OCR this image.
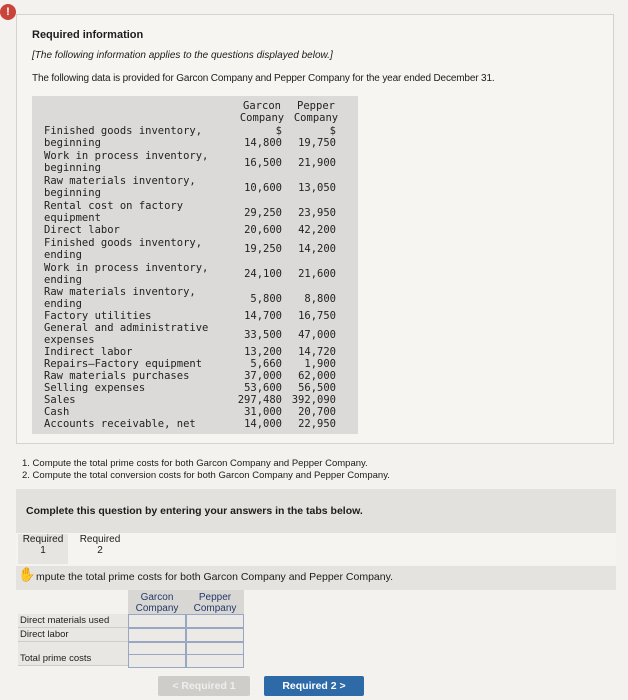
!
Required information
[The following information applies to the questions displayed below.]
The following data is provided for Garcon Company and Pepper Company for the year ended December 31.
Garcon
Company
Pepper
Company
$	$
Finished goods inventory,
beginning	14,800	19,750
Work in process inventory,
beginning	16,500	21,900
Raw materials inventory,
beginning	10,600	13,050
Rental cost on factory
equipment	29,250	23,950
Direct labor	20,600	42,200
Finished goods inventory,
ending	19,250	14,200
Work in process inventory,
ending	24,100	21,600
Raw materials inventory,
ending	5,800	8,800
Factory utilities	14,700	16,750
General and administrative
expenses	33,500	47,000
Indirect labor	13,200	14,720
Repairs—Factory equipment	5,660	1,900
Raw materials purchases	37,000	62,000
Selling expenses	53,600	56,500
Sales	297,480 392,090
Cash	31,000	20,700
Accounts receivable, net	14,000	22,950
1. Compute the total prime costs for both Garcon Company and Pepper Company.
2. Compute the total conversion costs for both Garcon Company and Pepper Company.
Complete this question by entering your answers in the tabs below.
Required
1
Required
2
✋ mpute the total prime costs for both Garcon Company and Pepper Company.
Garcon
Company
Pepper
Company
Direct materials used
Direct labor
Total prime costs
< Required 1	Required 2 >
